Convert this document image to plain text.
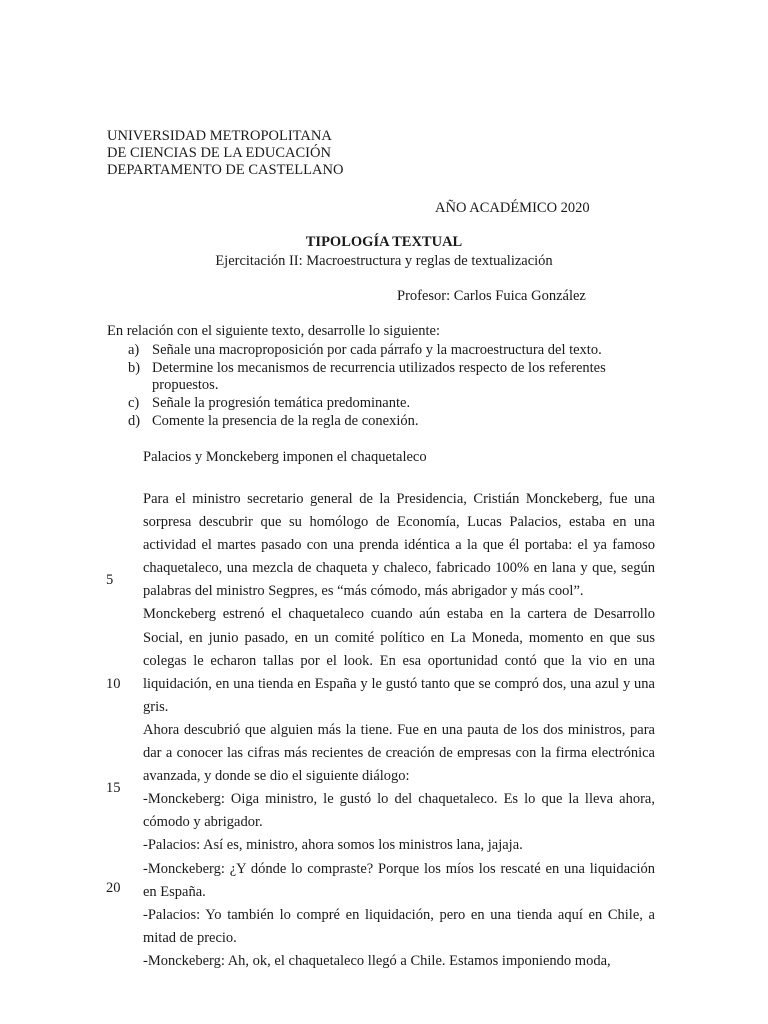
UNIVERSIDAD METROPOLITANA
DE CIENCIAS DE LA EDUCACIÓN
DEPARTAMENTO DE CASTELLANO
AÑO ACADÉMICO 2020
TIPOLOGÍA TEXTUAL
Ejercitación II: Macroestructura y reglas de textualización
Profesor: Carlos Fuica González
En relación con el siguiente texto, desarrolle lo siguiente:
a) Señale una macroproposición por cada párrafo y la macroestructura del texto.
b) Determine los mecanismos de recurrencia utilizados respecto de los referentes propuestos.
c) Señale la progresión temática predominante.
d) Comente la presencia de la regla de conexión.
Palacios y Monckeberg imponen el chaquetaleco

Para el ministro secretario general de la Presidencia, Cristián Monckeberg, fue una sorpresa descubrir que su homólogo de Economía, Lucas Palacios, estaba en una actividad el martes pasado con una prenda idéntica a la que él portaba: el ya famoso chaquetaleco, una mezcla de chaqueta y chaleco, fabricado 100% en lana y que, según palabras del ministro Segpres, es “más cómodo, más abrigador y más cool”.

Monckeberg estrenó el chaquetaleco cuando aún estaba en la cartera de Desarrollo Social, en junio pasado, en un comité político en La Moneda, momento en que sus colegas le echaron tallas por el look. En esa oportunidad contó que la vio en una liquidación, en una tienda en España y le gustó tanto que se compró dos, una azul y una gris.

Ahora descubrió que alguien más la tiene. Fue en una pauta de los dos ministros, para dar a conocer las cifras más recientes de creación de empresas con la firma electrónica avanzada, y donde se dio el siguiente diálogo:

-Monckeberg: Oiga ministro, le gustó lo del chaquetaleco. Es lo que la lleva ahora, cómodo y abrigador.

-Palacios: Así es, ministro, ahora somos los ministros lana, jajaja.

-Monckeberg: ¿Y dónde lo compraste? Porque los míos los rescaté en una liquidación en España.

-Palacios: Yo también lo compré en liquidación, pero en una tienda aquí en Chile, a mitad de precio.

-Monckeberg: Ah, ok, el chaquetaleco llegó a Chile. Estamos imponiendo moda,

5
10
15
20
